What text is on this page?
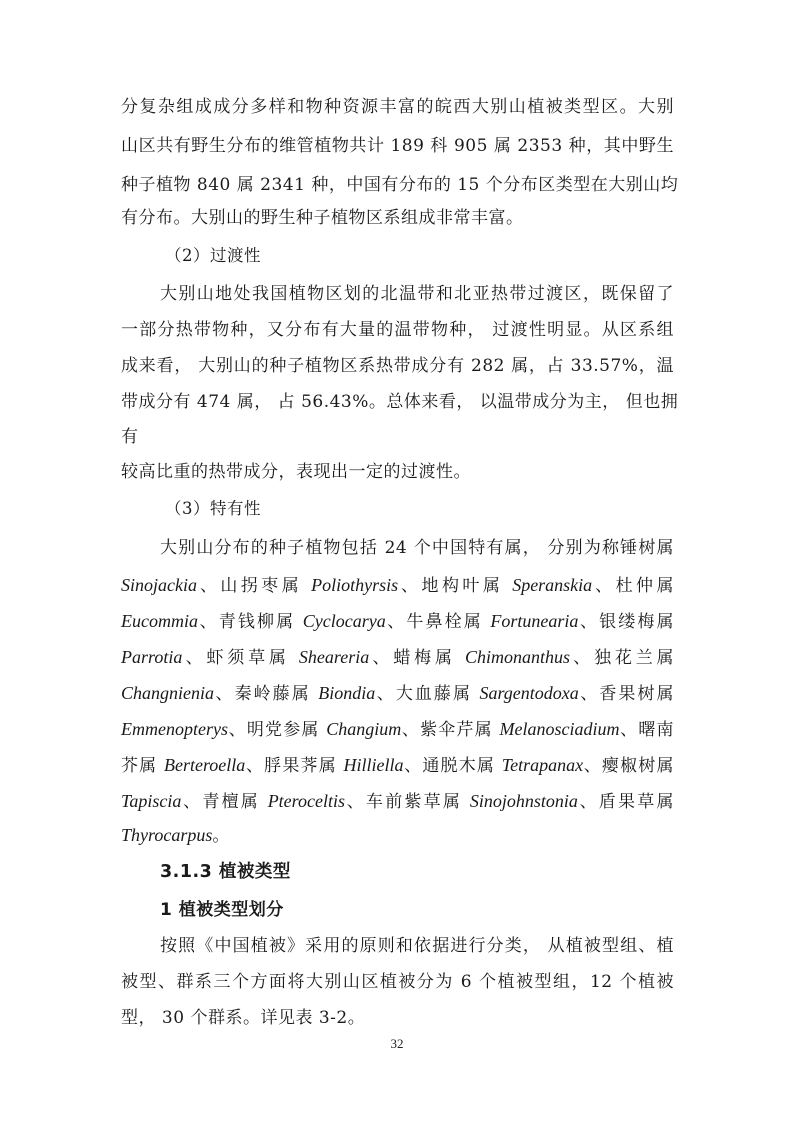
分复杂组成成分多样和物种资源丰富的皖西大别山植被类型区。大别
山区共有野生分布的维管植物共计 189 科 905 属 2353 种，其中野生
种子植物 840 属 2341 种，中国有分布的 15 个分布区类型在大别山均
有分布。大别山的野生种子植物区系组成非常丰富。
（2）过渡性
大别山地处我国植物区划的北温带和北亚热带过渡区，既保留了
一部分热带物种，又分布有大量的温带物种， 过渡性明显。从区系组
成来看， 大别山的种子植物区系热带成分有 282 属，占 33.57%，温
带成分有 474 属， 占 56.43%。总体来看， 以温带成分为主， 但也拥
有
较高比重的热带成分，表现出一定的过渡性。
（3）特有性
大别山分布的种子植物包括 24 个中国特有属， 分别为称锤树属
Sinojackia、山拐枣属 Poliothyrsis、地构叶属 Speranskia、杜仲属
Eucommia、青钱柳属 Cyclocarya、牛鼻栓属 Fortunearia、银缕梅属
Parrotia、虾须草属 Sheareria、蜡梅属 Chimonanthus、独花兰属
Changnienia、秦岭藤属 Biondia、大血藤属 Sargentodoxa、香果树属
Emmenopterys、明党参属 Changium、紫伞芹属 Melanosciadium、曙南
芥属 Berteroella、脬果荠属 Hilliella、通脱木属 Tetrapanax、瘿椒树属
Tapiscia、青檀属 Pteroceltis、车前紫草属 Sinojohnstonia、盾果草属
Thyrocarpus。
3.1.3 植被类型
1 植被类型划分
按照《中国植被》采用的原则和依据进行分类， 从植被型组、植
被型、群系三个方面将大别山区植被分为 6 个植被型组，12 个植被
型， 30 个群系。详见表 3-2。
32
